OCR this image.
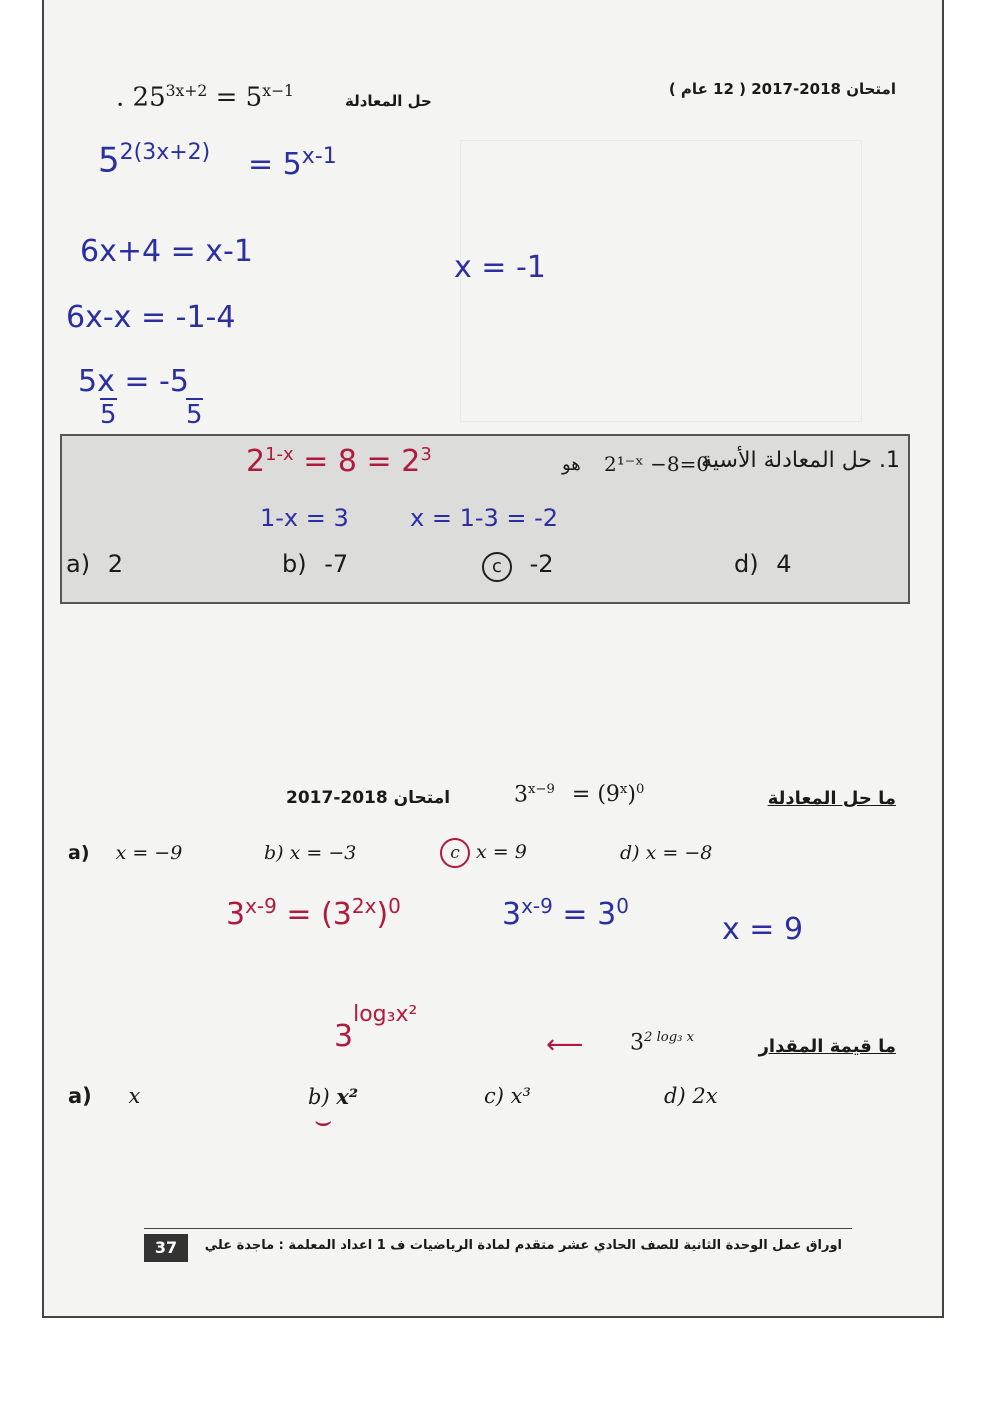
امتحان 2018-2017 ( 12 عام )
حل المعادلة
. $25^{3x+2} = 5^{x-1}$
$5^{2(3x+2)} = 5^{x-1}$
6x+4 = x-1
6x-x = -1-4
5x = -5
5	5
x = -1
1. حل المعادلة الأسية
2¹⁻ˣ −8=0
هو
$2^{1-x} = 8 = 2^3$
1-x = 3	x = 1-3 = -2
a) 2	b) -7	c -2	d) 4
ما حل المعادلة
$3^{x-9} = (9^x)^0$
امتحان 2018-2017
a) x = −9	b) x = −3	c x = 9	d) x = −8
$3^{x-9} = (3^{2x})^0$	$3^{x-9} = 3^0$
x = 9
ما قيمة المقدار
$3^{2 log_3 x}$
⟵
$3^{log_3x^2}$
a) x	b) x²
⌣
c) x³	d) 2x
37	اوراق عمل الوحدة الثانية للصف الحادي عشر متقدم لمادة الرياضيات ف 1 اعداد المعلمة : ماجدة علي
